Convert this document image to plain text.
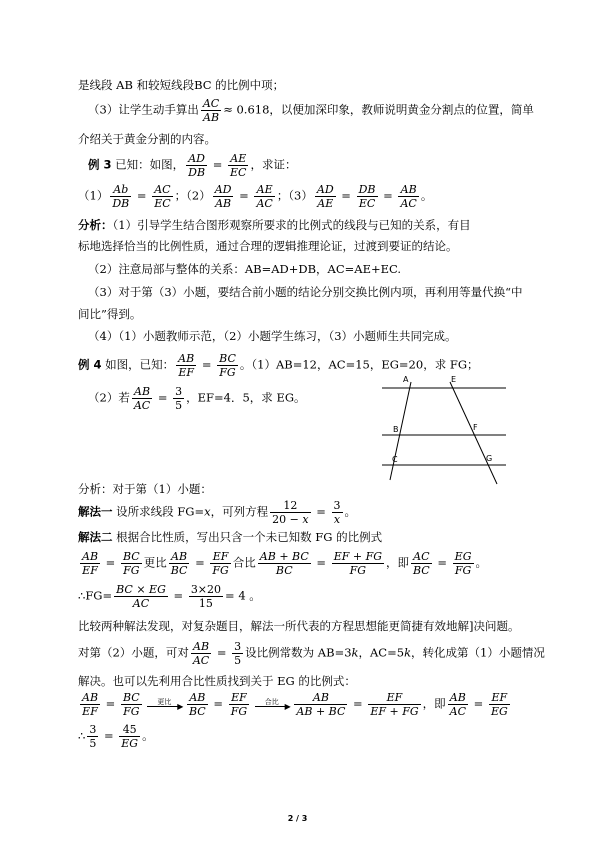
是线段 AB 和较短线段BC 的比例中项；
（3）让学生动手算出 $\frac{AC}{AB} \approx 0.618$，以便加深印象，教师说明黄金分割点的位置，简单
介绍关于黄金分割的内容。
例 3 已知：如图， $\frac{AD}{DB} = \frac{AE}{EC}$ ，求证：
$(1) \frac{Ab}{DB} = \frac{AC}{EC}$ ；$(2) \frac{AD}{AB} = \frac{AE}{AC}$ ；$(3) \frac{AD}{AE} = \frac{DB}{EC} = \frac{AB}{AC}$ 。
分析：（1）引导学生结合图形观察所要求的比例式的线段与已知的关系，有目
标地选择恰当的比例性质，通过合理的逻辑推理论证，过渡到要证的结论。
（2）注意局部与整体的关系：AB=AD+DB，AC=AE+EC.
（3）对于第（3）小题，要结合前小题的结论分别交换比例内项，再利用等量代换“中
间比”得到。
（4）（1）小题教师示范，（2）小题学生练习，（3）小题师生共同完成。
例 4 如图，已知： $\frac{AB}{EF} = \frac{BC}{FG}$ 。（1）AB=12，AC=15，EG=20，求 FG；
（2）若 $\frac{AB}{AC} = \frac{3}{5}$ ，EF=4．5，求 EG。
A	E
B	F
C	G
分析：对于第（1）小题：
解法一 设所求线段 FG=x，可列方程 $\frac{12}{20 - x} = \frac{3}{x}$ 。
解法二 根据合比性质，写出只含一个未已知数 FG 的比例式
$\frac{AB}{EF} = \frac{BC}{FG}$ 更比 $\frac{AB}{BC} = \frac{EF}{FG}$ 合比 $\frac{AB + BC}{BC} = \frac{EF + FG}{FG}$ ，即 $\frac{AC}{BC} = \frac{EG}{FG}$ 。
∴FG= $\frac{BC \times EG}{AC} = \frac{3\times 20}{15} = 4$ 。
比较两种解法发现，对复杂题目，解法一所代表的方程思想能更简捷有效地解]决问题。
对第（2）小题，可对 $\frac{AB}{AC} = \frac{3}{5}$ 设比例常数为 AB=3k，AC=5k，转化成第（1）小题情况
解决。也可以先利用合比性质找到关于 EG 的比例式：
$\frac{AB}{EF} = \frac{BC}{FG}$
	更比 ▶
$\frac{AB}{BC} = \frac{EF}{FG}$
	合比 ▶
$\frac{AB}{AB + BC} = \frac{EF}{EF + FG}$ ，即 $\frac{AB}{AC} = \frac{EF}{EG}$
∴ $\frac{3}{5} = \frac{45}{EG}$ 。
2 / 3
